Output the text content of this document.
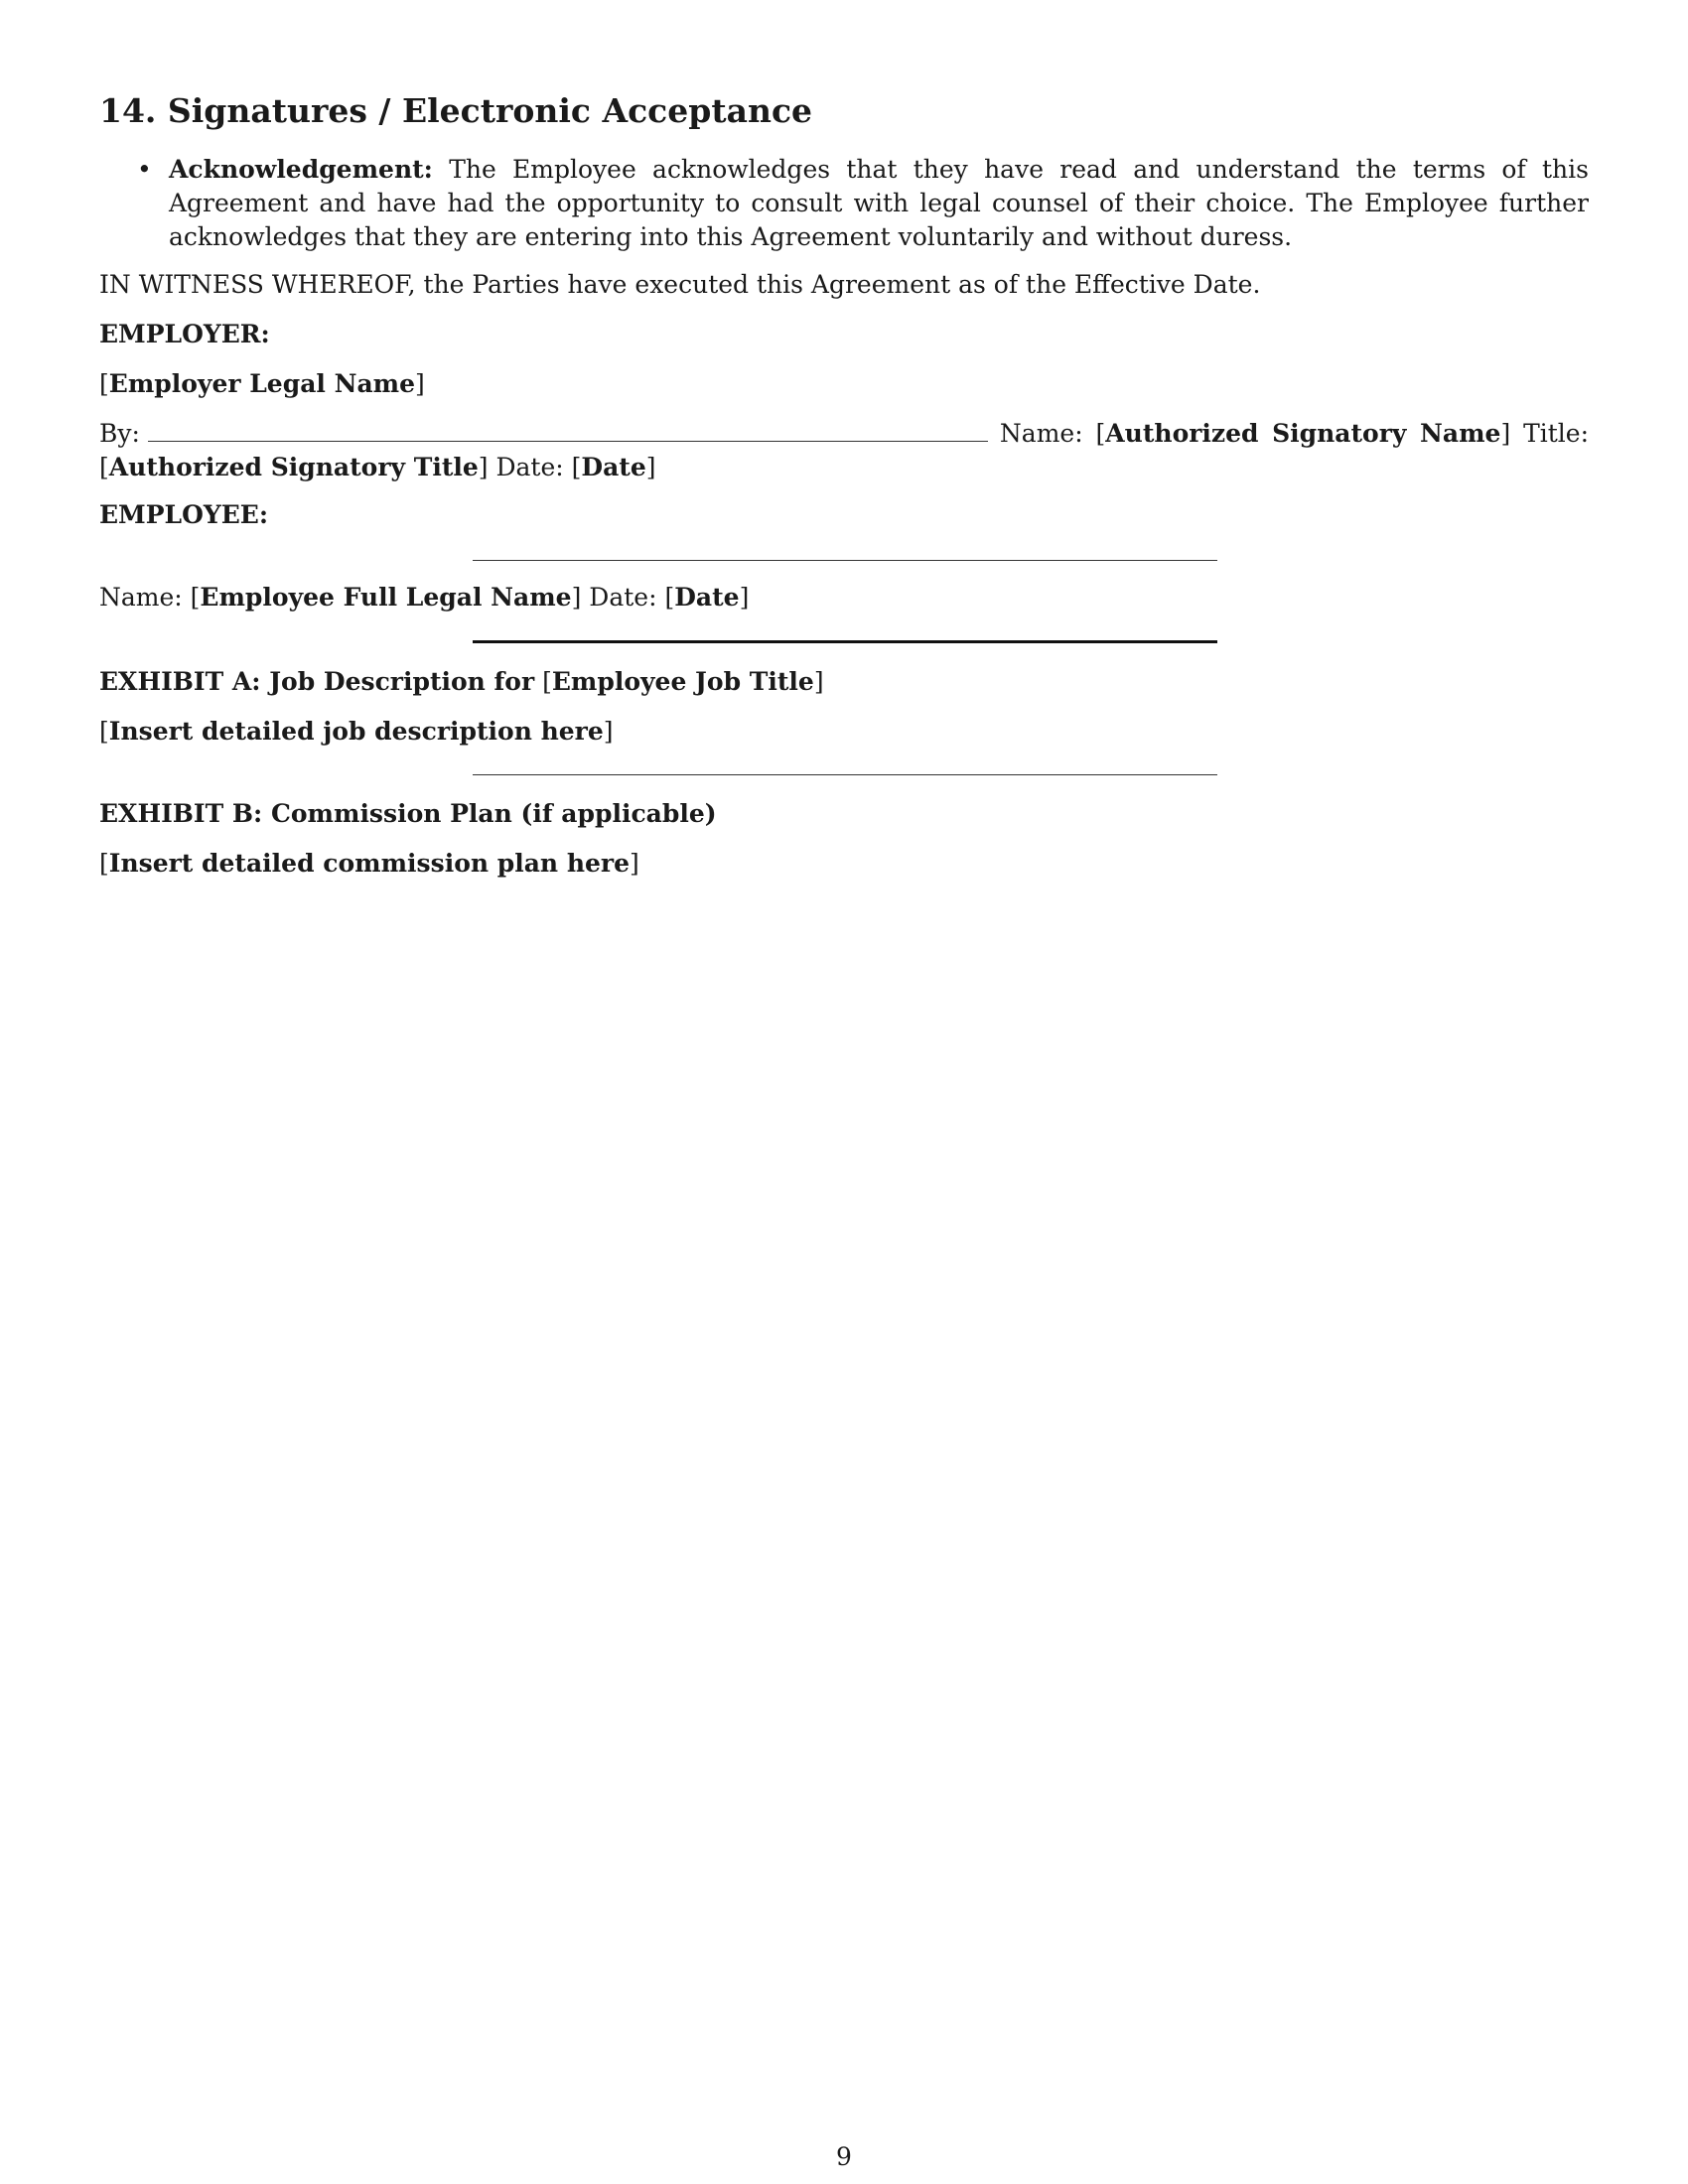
14. Signatures / Electronic Acceptance
• Acknowledgement: The Employee acknowledges that they have read and understand the terms of this Agreement and have had the opportunity to consult with legal counsel of their choice. The Employee further acknowledges that they are entering into this Agreement voluntarily and without duress.

IN WITNESS WHEREOF, the Parties have executed this Agreement as of the Effective Date.

EMPLOYER:

[Employer Legal Name]

By:	Name: [Authorized Signatory Name] Title: [Authorized Signatory Title] Date: [Date]

EMPLOYEE:

Name: [Employee Full Legal Name] Date: [Date]

EXHIBIT A: Job Description for [Employee Job Title]

[Insert detailed job description here]

EXHIBIT B: Commission Plan (if applicable)

[Insert detailed commission plan here]

9
